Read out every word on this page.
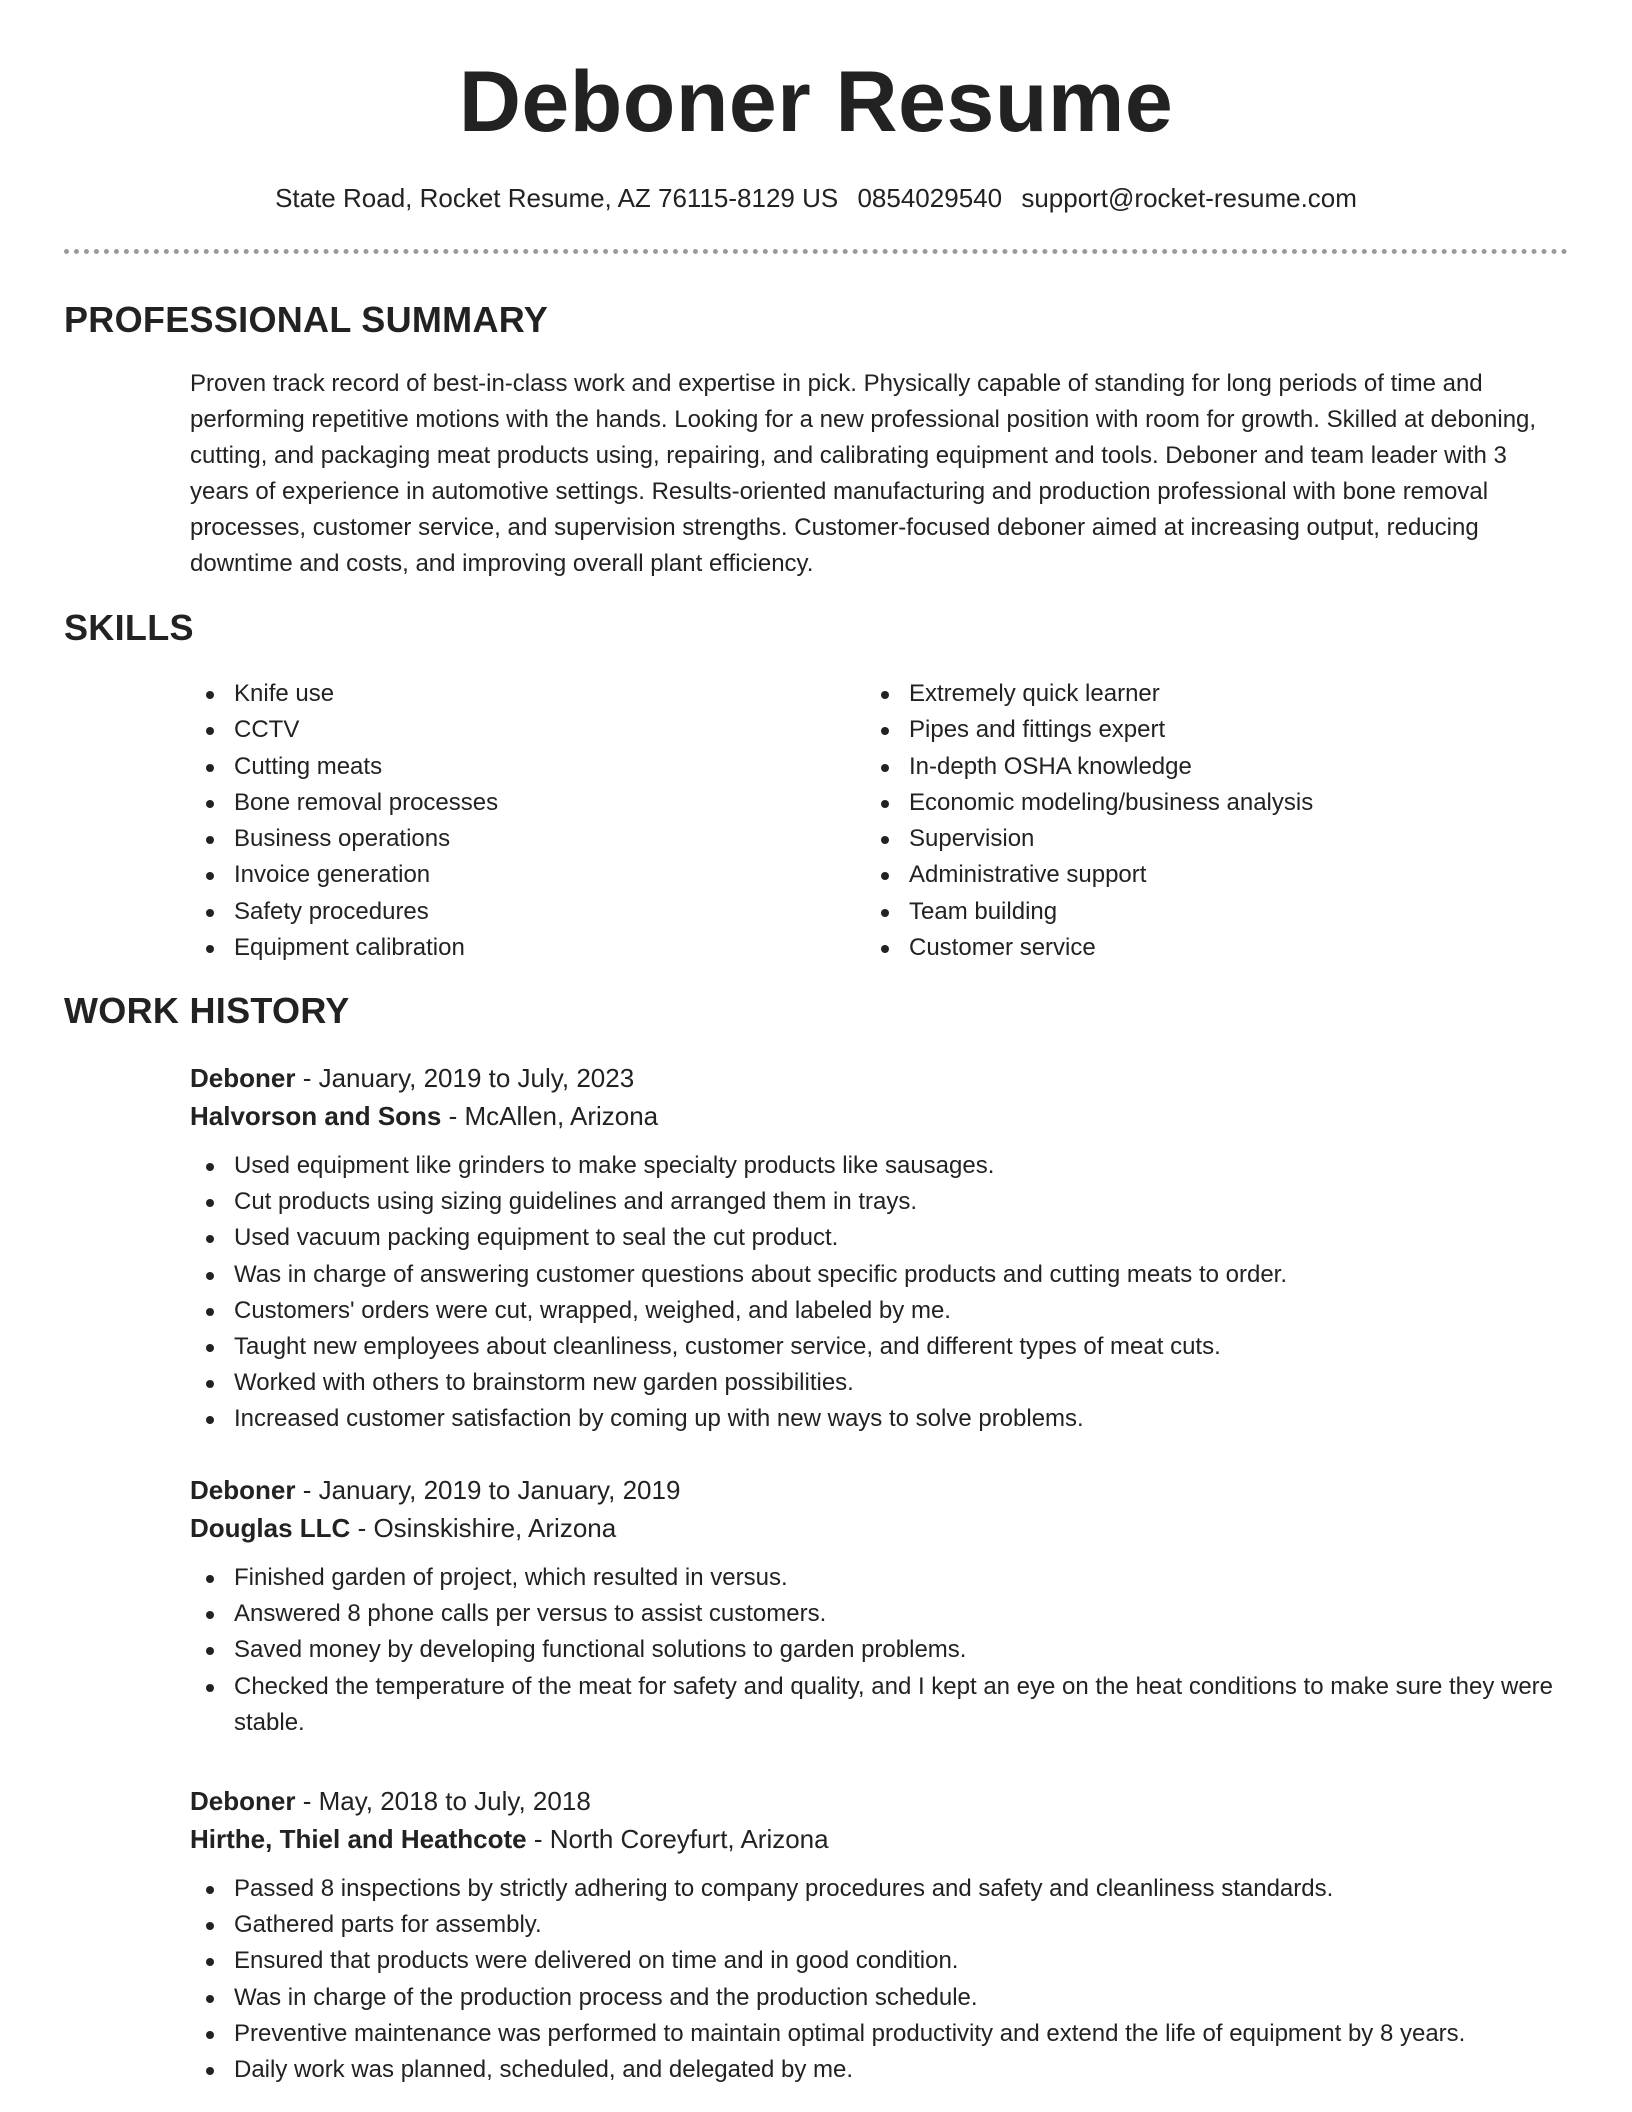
Deboner Resume
State Road, Rocket Resume, AZ 76115-8129 US 0854029540 support@rocket-resume.com
PROFESSIONAL SUMMARY

Proven track record of best-in-class work and expertise in pick. Physically capable of standing for long periods of time and performing repetitive motions with the hands. Looking for a new professional position with room for growth. Skilled at deboning, cutting, and packaging meat products using, repairing, and calibrating equipment and tools. Deboner and team leader with 3 years of experience in automotive settings. Results-oriented manufacturing and production professional with bone removal processes, customer service, and supervision strengths. Customer-focused deboner aimed at increasing output, reducing downtime and costs, and improving overall plant efficiency.

SKILLS
Knife use
CCTV
Cutting meats
Bone removal processes
Business operations
Invoice generation
Safety procedures
Equipment calibration
Extremely quick learner
Pipes and fittings expert
In-depth OSHA knowledge
Economic modeling/business analysis
Supervision
Administrative support
Team building
Customer service
WORK HISTORY
Deboner - January, 2019 to July, 2023
Halvorson and Sons - McAllen, Arizona
Used equipment like grinders to make specialty products like sausages.
Cut products using sizing guidelines and arranged them in trays.
Used vacuum packing equipment to seal the cut product.
Was in charge of answering customer questions about specific products and cutting meats to order.
Customers' orders were cut, wrapped, weighed, and labeled by me.
Taught new employees about cleanliness, customer service, and different types of meat cuts.
Worked with others to brainstorm new garden possibilities.
Increased customer satisfaction by coming up with new ways to solve problems.
Deboner - January, 2019 to January, 2019
Douglas LLC - Osinskishire, Arizona
Finished garden of project, which resulted in versus.
Answered 8 phone calls per versus to assist customers.
Saved money by developing functional solutions to garden problems.
Checked the temperature of the meat for safety and quality, and I kept an eye on the heat conditions to make sure they were stable.
Deboner - May, 2018 to July, 2018
Hirthe, Thiel and Heathcote - North Coreyfurt, Arizona
Passed 8 inspections by strictly adhering to company procedures and safety and cleanliness standards.
Gathered parts for assembly.
Ensured that products were delivered on time and in good condition.
Was in charge of the production process and the production schedule.
Preventive maintenance was performed to maintain optimal productivity and extend the life of equipment by 8 years.
Daily work was planned, scheduled, and delegated by me.
